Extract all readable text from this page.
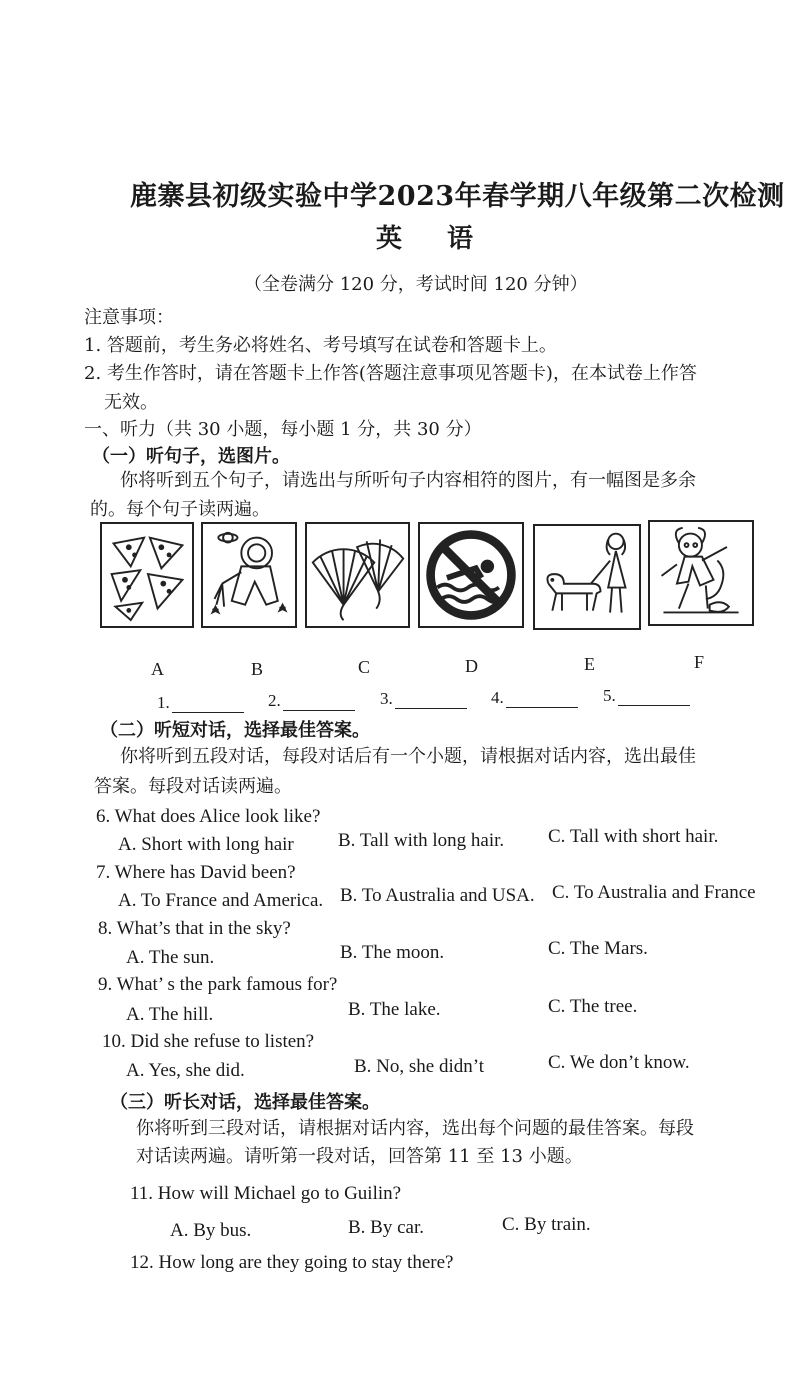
鹿寨县初级实验中学2023年春学期八年级第二次检测
英 语
（全卷满分 120 分，考试时间 120 分钟）
注意事项：
1. 答题前，考生务必将姓名、考号填写在试卷和答题卡上。
2. 考生作答时，请在答题卡上作答(答题注意事项见答题卡)，在本试卷上作答
无效。
一、听力（共 30 小题，每小题 1 分，共 30 分）
（一）听句子，选图片。
你将听到五个句子，请选出与所听句子内容相符的图片，有一幅图是多余
的。每个句子读两遍。
A	B	C	D	E	F
1.	2.	3.	4.	5.
（二）听短对话，选择最佳答案。
你将听到五段对话，每段对话后有一个小题，请根据对话内容，选出最佳
答案。每段对话读两遍。
6. What does Alice look like?
A. Short with long hair B. Tall with long hair. C. Tall with short hair.
7. Where has David been?
A. To France and America. B. To Australia and USA. C. To Australia and France
8. What’s that in the sky?
A. The sun.	B. The moon.	C. The Mars.
9. What’ s the park famous for?
A. The hill.	B. The lake.	C. The tree.
10. Did she refuse to listen?
A. Yes, she did.	B. No, she didn’t	C. We don’t know.
（三）听长对话，选择最佳答案。
你将听到三段对话，请根据对话内容，选出每个问题的最佳答案。每段
对话读两遍。请听第一段对话，回答第 11 至 13 小题。
11. How will Michael go to Guilin?
A. By bus.	B. By car.	C. By train.
12. How long are they going to stay there?
